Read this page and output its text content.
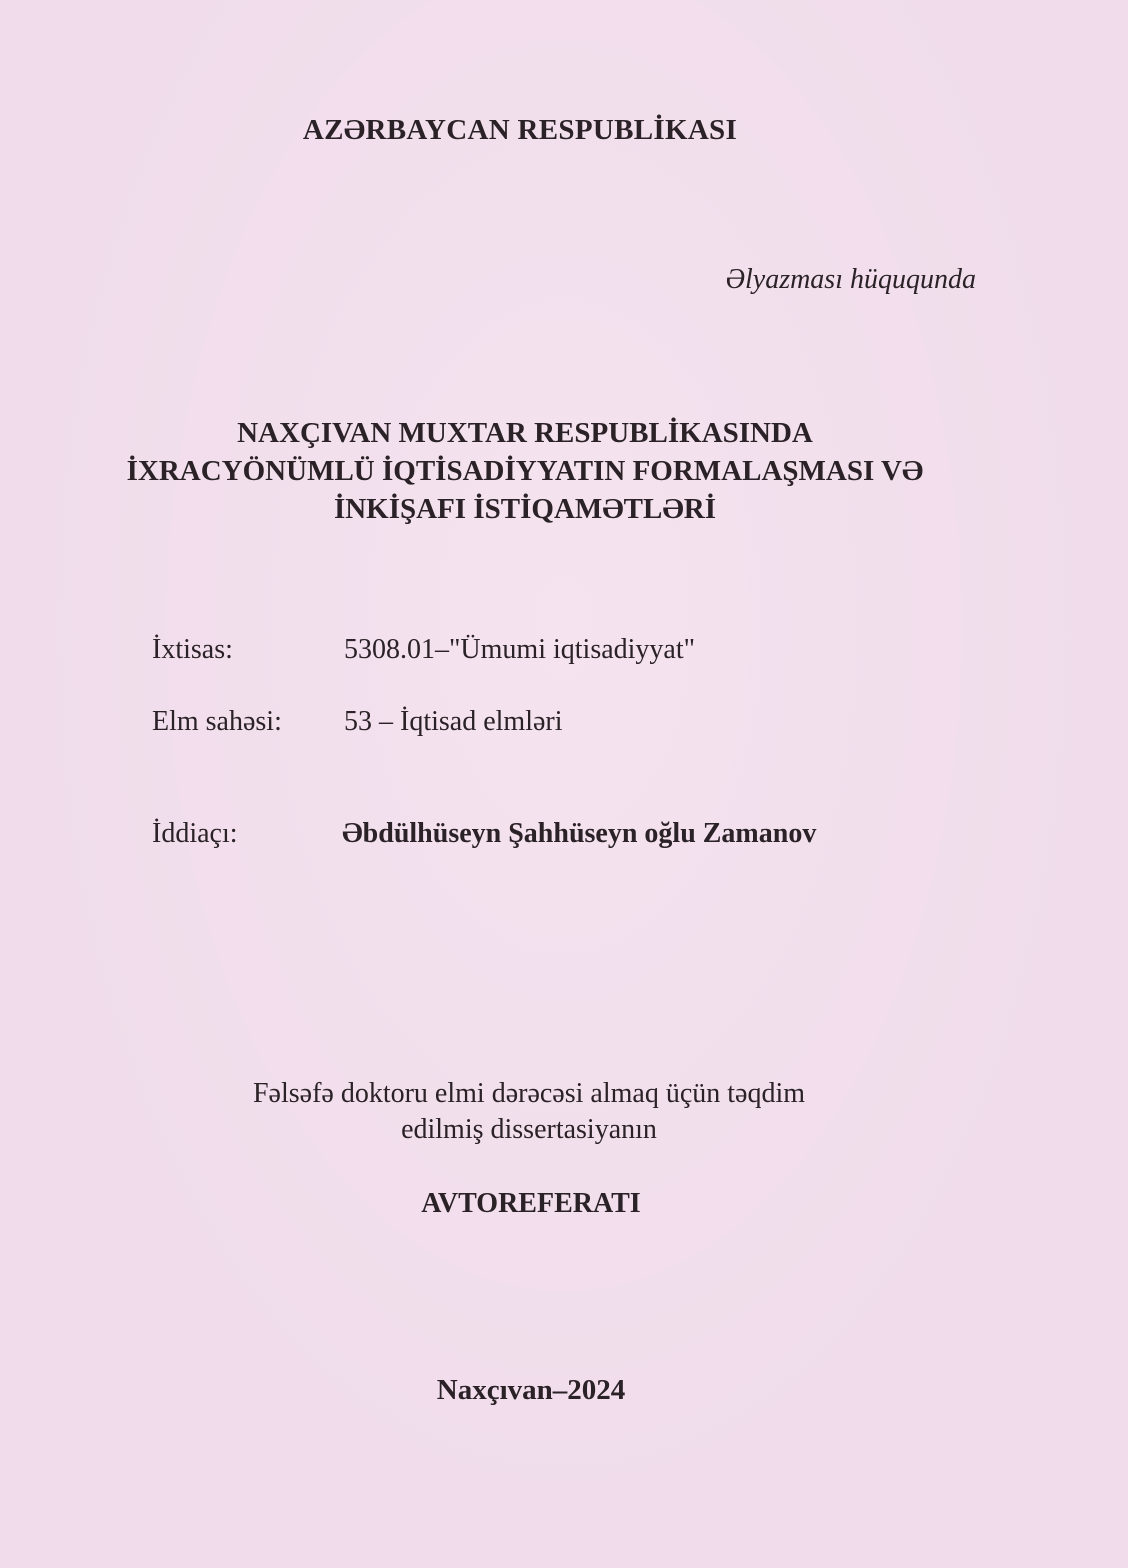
AZƏRBAYCAN RESPUBLİKASI
Əlyazması hüququnda
NAXÇIVAN MUXTAR RESPUBLİKASINDA
İXRACYÖNÜMLÜ İQTİSADİYYATIN FORMALAŞMASI VƏ
İNKİŞAFI İSTİQAMƏTLƏRİ
İxtisas:	5308.01–"Ümumi iqtisadiyyat"
Elm sahəsi: 53 – İqtisad elmləri
İddiaçı:	Əbdülhüseyn Şahhüseyn oğlu Zamanov
Fəlsəfə doktoru elmi dərəcəsi almaq üçün təqdim
edilmiş dissertasiyanın
AVTOREFERATI
Naxçıvan–2024
